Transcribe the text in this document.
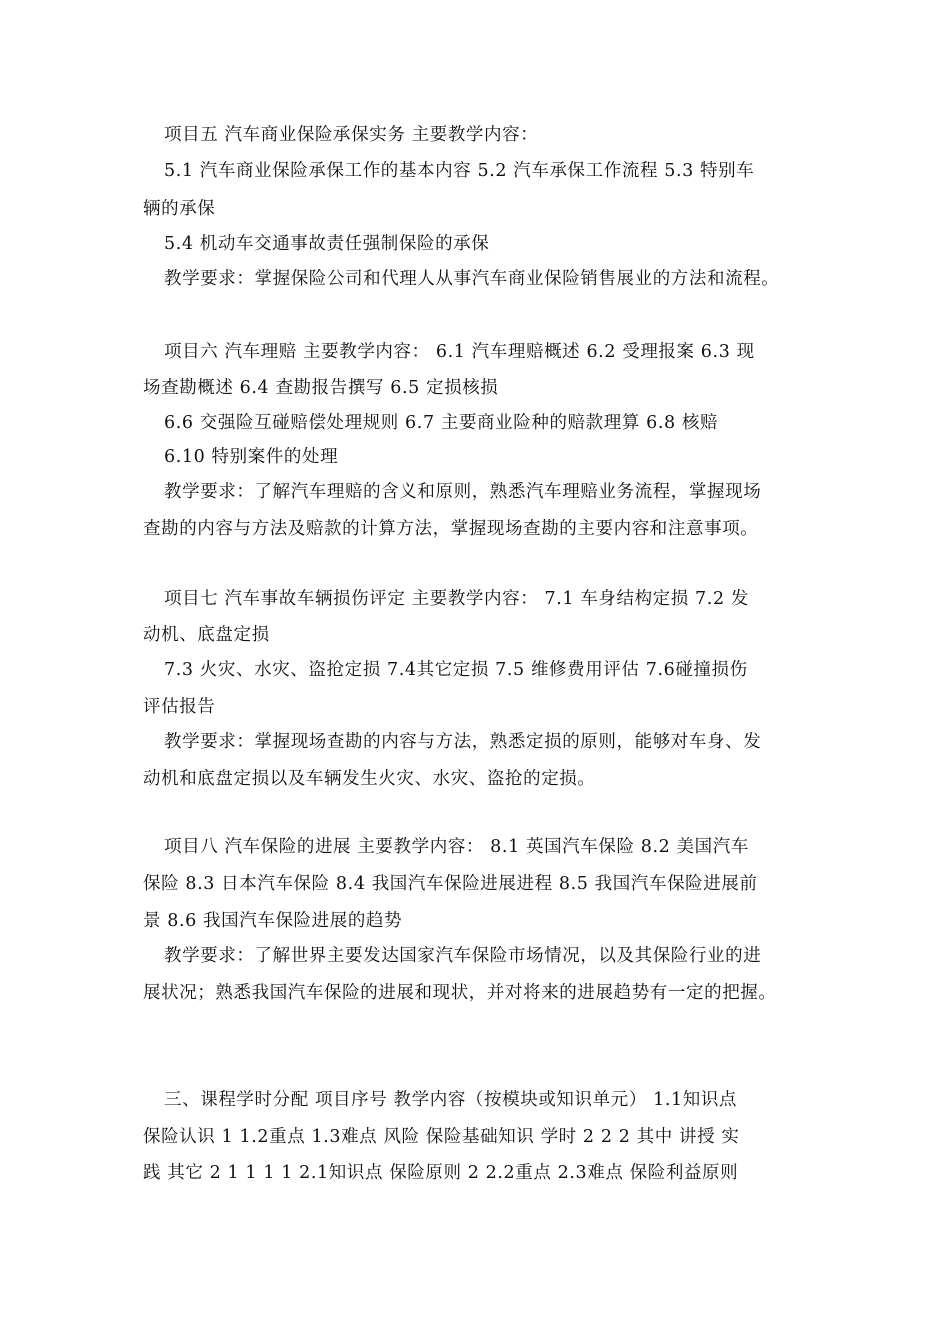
项目五 汽车商业保险承保实务 主要教学内容：
5.1 汽车商业保险承保工作的基本内容 5.2 汽车承保工作流程 5.3 特别车
辆的承保
5.4 机动车交通事故责任强制保险的承保
教学要求：掌握保险公司和代理人从事汽车商业保险销售展业的方法和流程。
项目六 汽车理赔 主要教学内容： 6.1 汽车理赔概述 6.2 受理报案 6.3 现
场查勘概述 6.4 查勘报告撰写 6.5 定损核损
6.6 交强险互碰赔偿处理规则 6.7 主要商业险种的赔款理算 6.8 核赔
6.10 特别案件的处理
教学要求：了解汽车理赔的含义和原则，熟悉汽车理赔业务流程，掌握现场
查勘的内容与方法及赔款的计算方法，掌握现场查勘的主要内容和注意事项。
项目七 汽车事故车辆损伤评定 主要教学内容： 7.1 车身结构定损 7.2 发
动机、底盘定损
7.3 火灾、水灾、盗抢定损 7.4其它定损 7.5 维修费用评估 7.6碰撞损伤
评估报告
教学要求：掌握现场查勘的内容与方法，熟悉定损的原则，能够对车身、发
动机和底盘定损以及车辆发生火灾、水灾、盗抢的定损。
项目八 汽车保险的进展 主要教学内容： 8.1 英国汽车保险 8.2 美国汽车
保险 8.3 日本汽车保险 8.4 我国汽车保险进展进程 8.5 我国汽车保险进展前
景 8.6 我国汽车保险进展的趋势
教学要求：了解世界主要发达国家汽车保险市场情况，以及其保险行业的进
展状况；熟悉我国汽车保险的进展和现状，并对将来的进展趋势有一定的把握。
三、课程学时分配 项目序号 教学内容（按模块或知识单元） 1.1知识点
保险认识 1 1.2重点 1.3难点 风险 保险基础知识 学时 2 2 2 其中 讲授 实
践 其它 2 1 1 1 1 2.1知识点 保险原则 2 2.2重点 2.3难点 保险利益原则
